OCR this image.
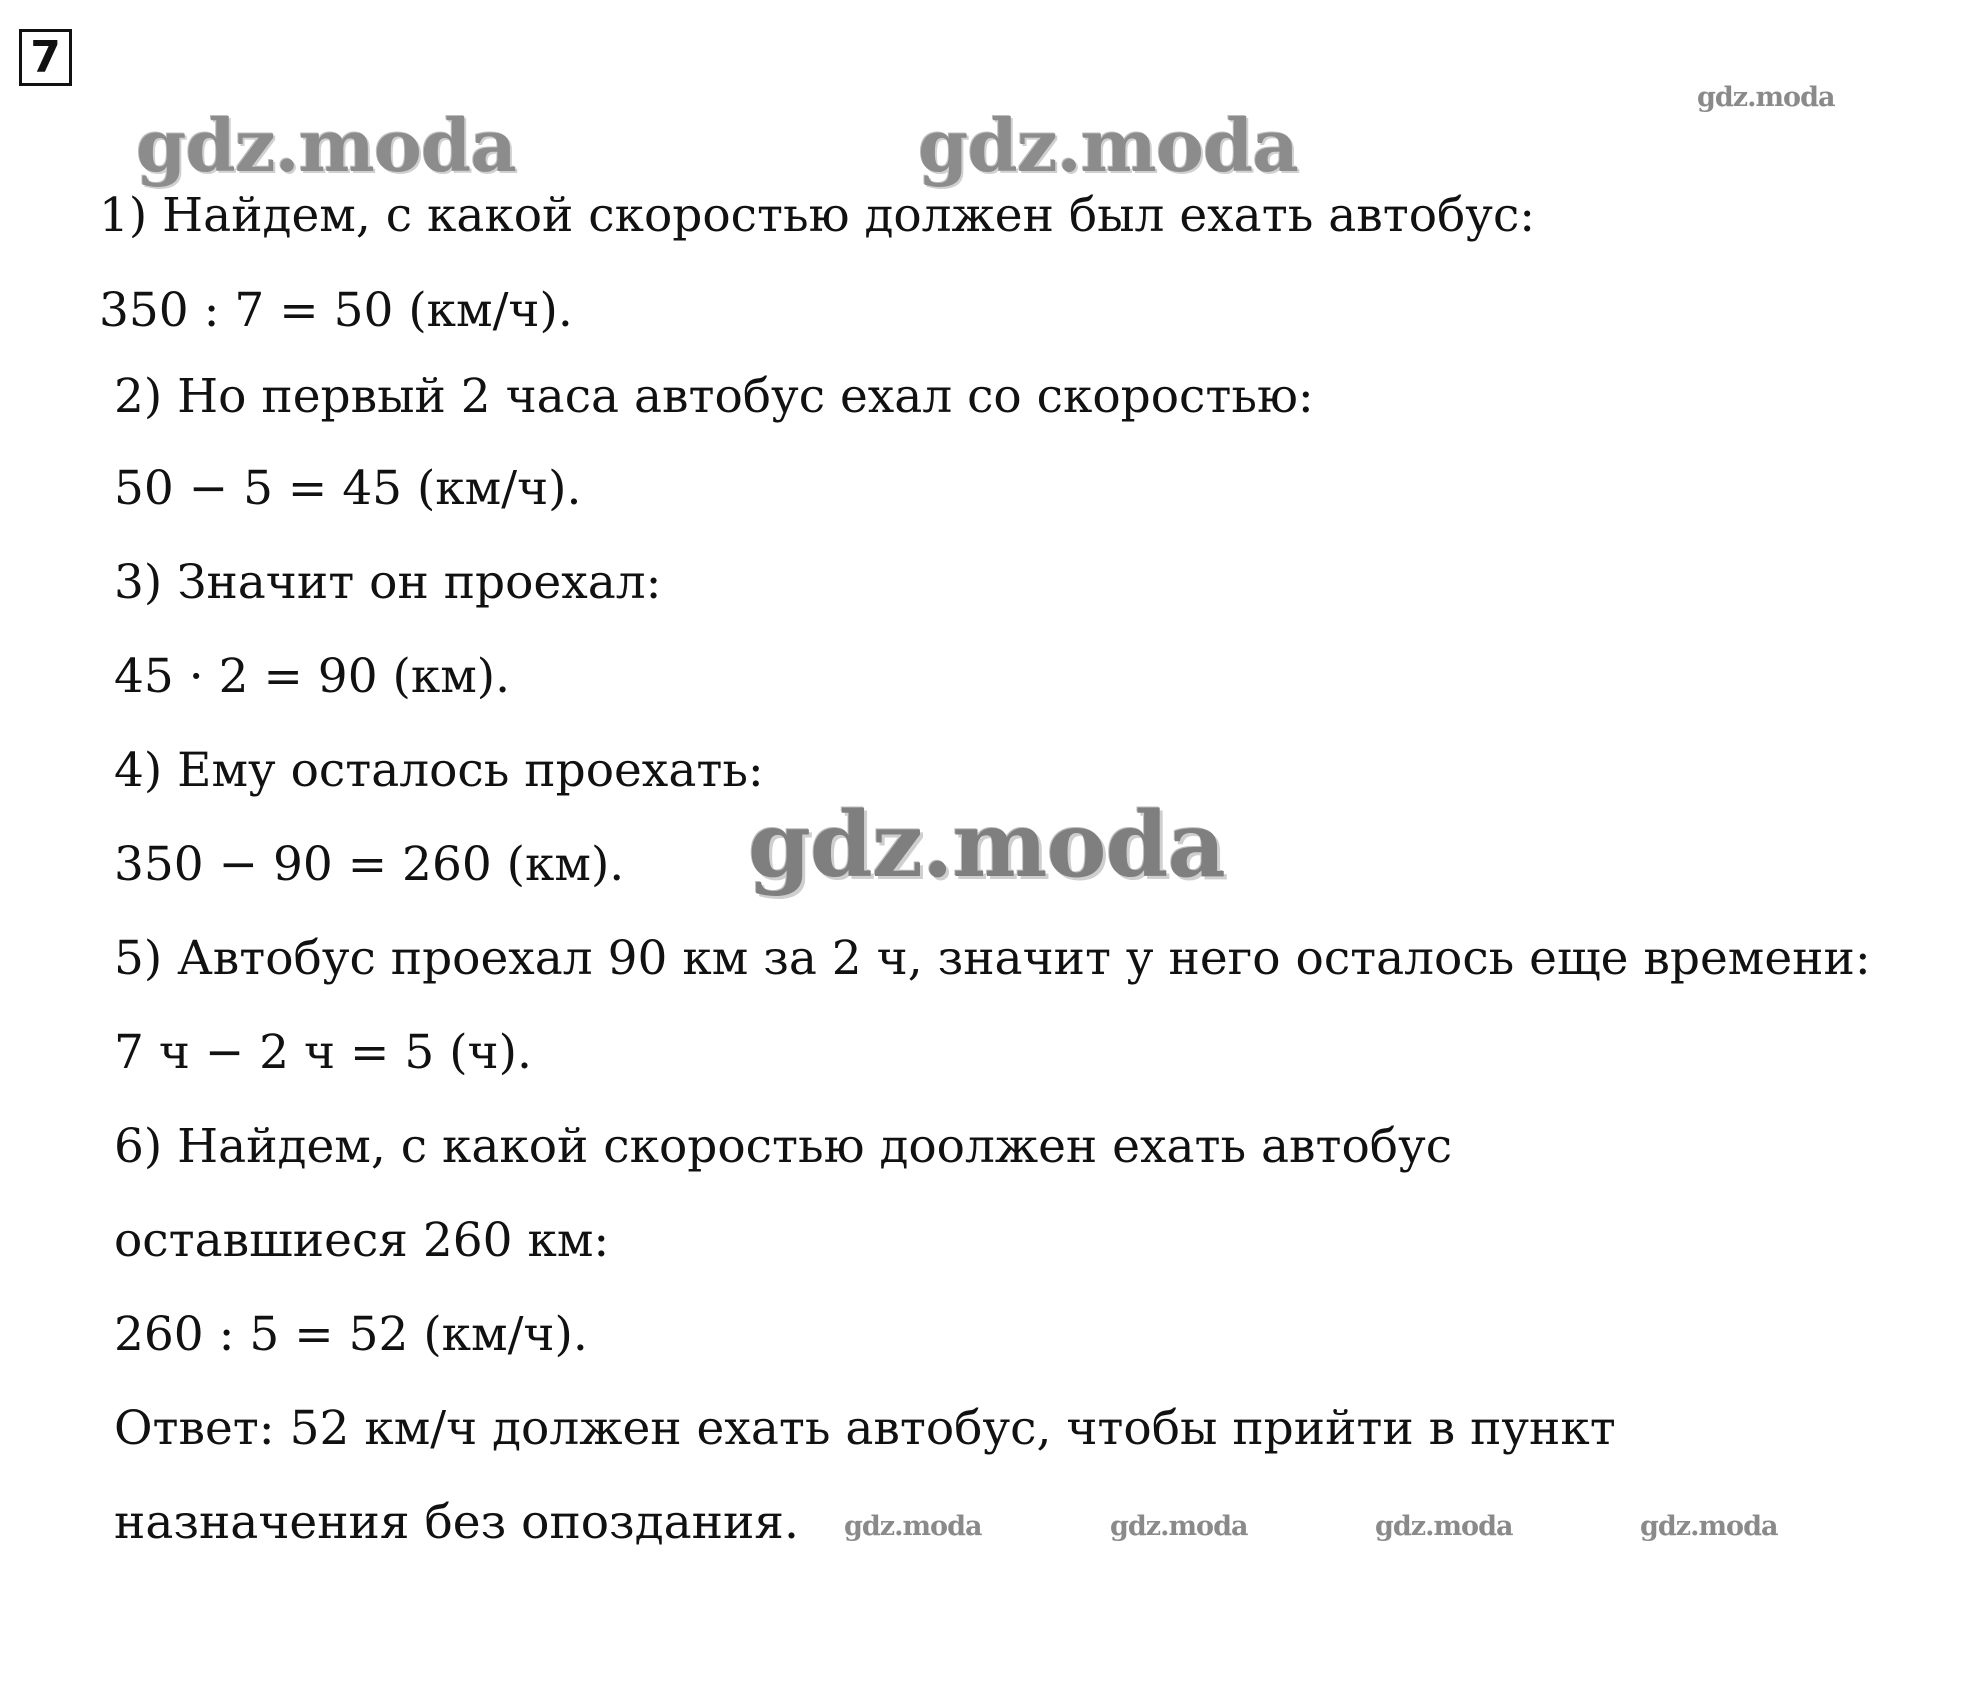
7
gdz.moda	gdz.moda
gdz.moda
1) Найдем, с какой скоростью должен был ехать автобус:
350 : 7 = 50 (км/ч).
2) Но первый 2 часа автобус ехал со скоростью:
50 − 5 = 45 (км/ч).
3) Значит он проехал:
45 · 2 = 90 (км).
4) Ему осталось проехать:
350 − 90 = 260 (км).
5) Автобус проехал 90 км за 2 ч, значит у него осталось еще времени:
7 ч − 2 ч = 5 (ч).
6) Найдем, с какой скоростью доолжен ехать автобус
оставшиеся 260 км:
260 : 5 = 52 (км/ч).
Ответ: 52 км/ч должен ехать автобус, чтобы прийти в пункт
назначения без опоздания.
gdz.moda
gdz.moda	gdz.moda	gdz.moda	gdz.moda
